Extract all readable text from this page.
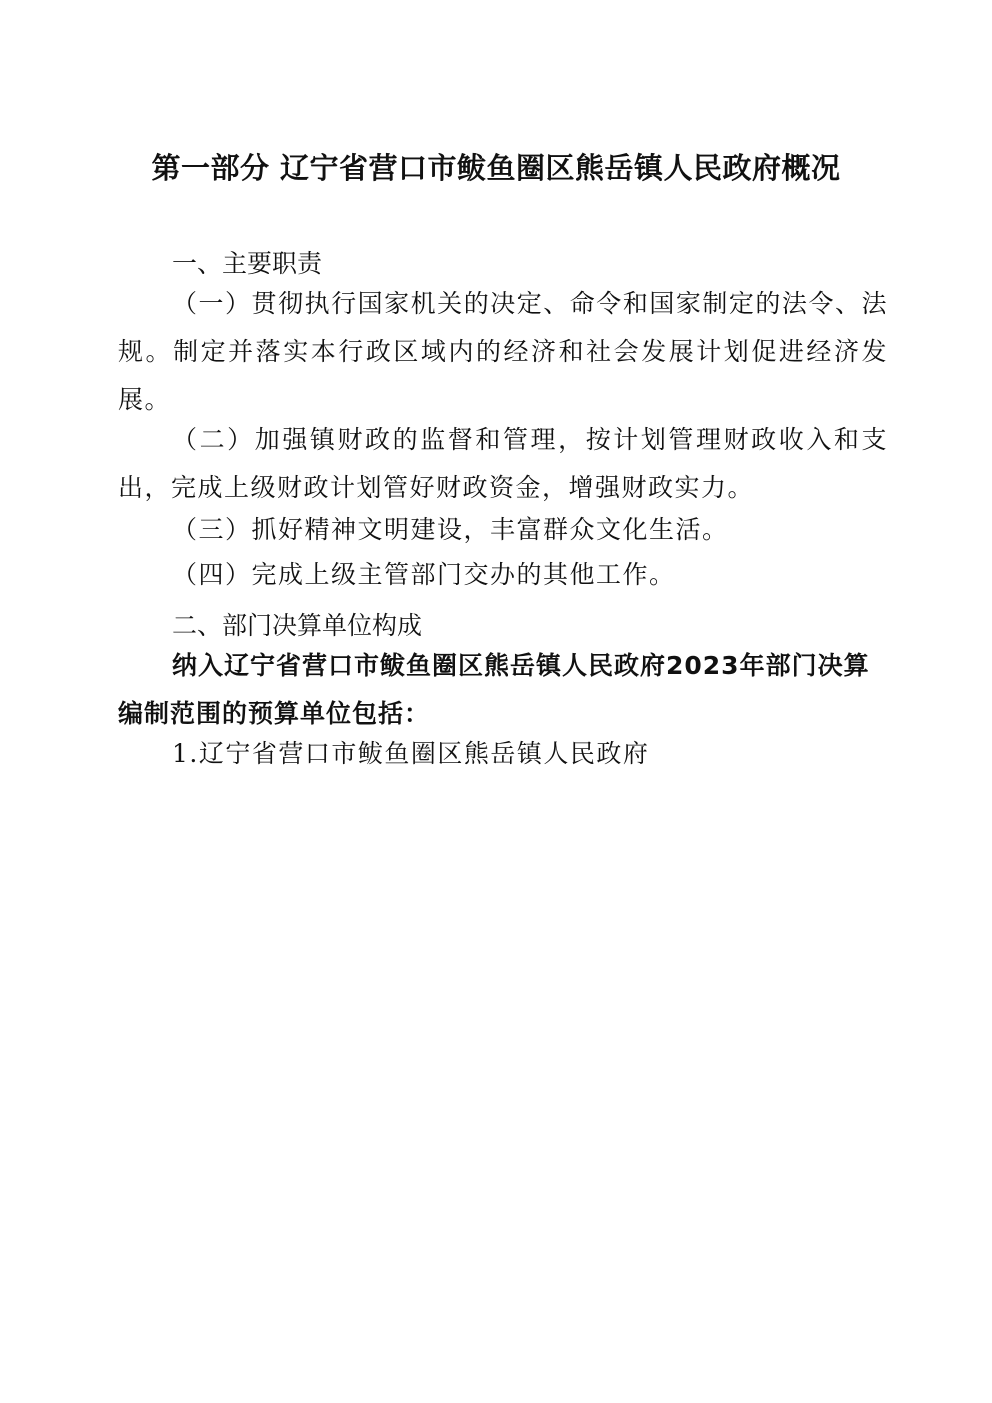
第一部分 辽宁省营口市鲅鱼圈区熊岳镇人民政府概况
一、主要职责
（一）贯彻执行国家机关的决定、命令和国家制定的法令、法规。制定并落实本行政区域内的经济和社会发展计划促进经济发展。
（二）加强镇财政的监督和管理，按计划管理财政收入和支出，完成上级财政计划管好财政资金，增强财政实力。
（三）抓好精神文明建设，丰富群众文化生活。
（四）完成上级主管部门交办的其他工作。
二、部门决算单位构成
纳入辽宁省营口市鲅鱼圈区熊岳镇人民政府2023年部门决算编制范围的预算单位包括：
1.辽宁省营口市鲅鱼圈区熊岳镇人民政府
